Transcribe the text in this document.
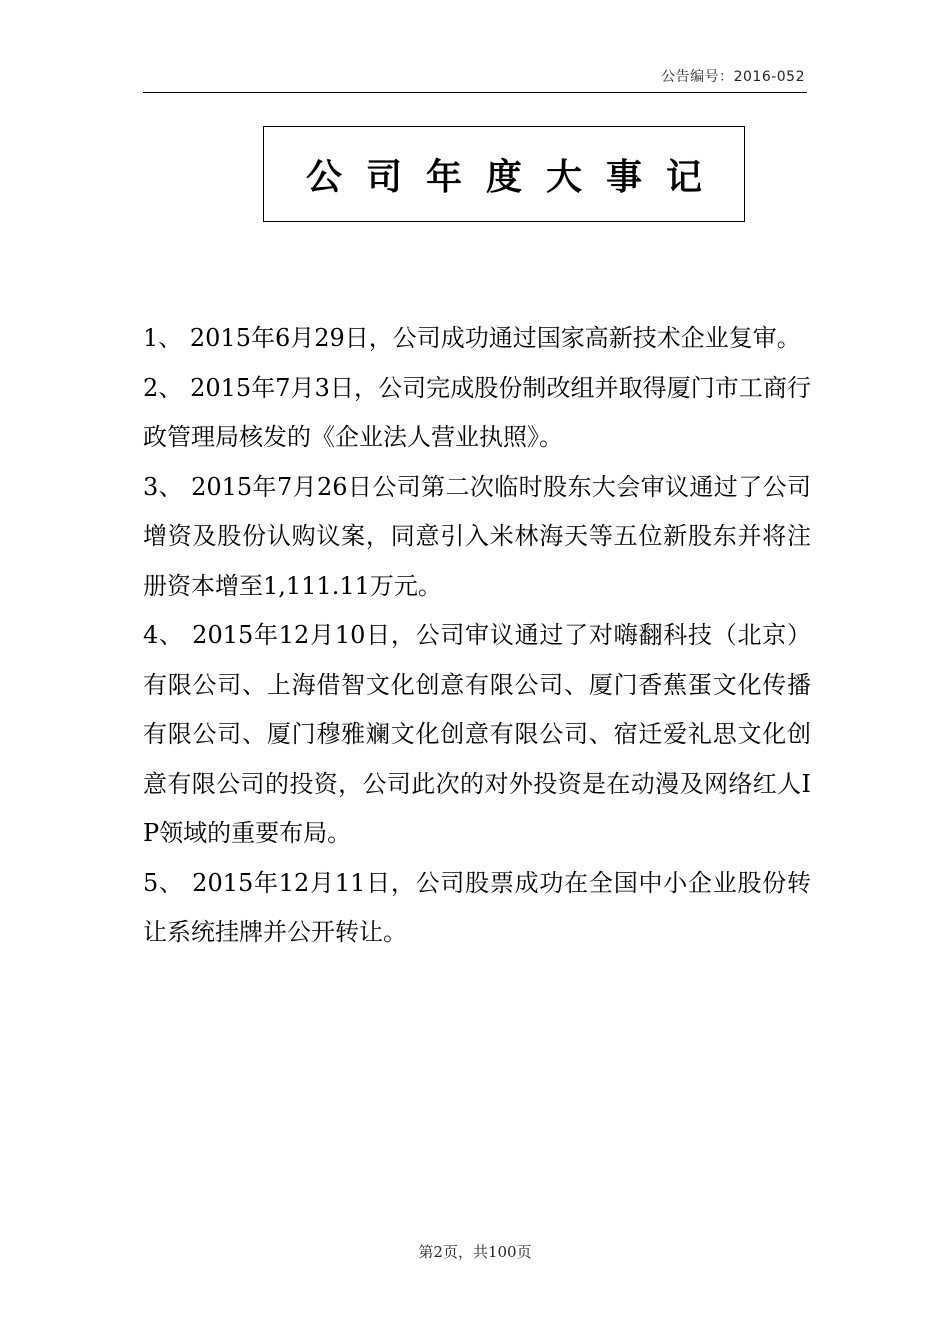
公告编号：2016-052
公司年度大事记

1、 2015年6月29日，公司成功通过国家高新技术企业复审。

2、 2015年7月3日，公司完成股份制改组并取得厦门市工商行政管理局核发的《企业法人营业执照》。

3、 2015年7月26日公司第二次临时股东大会审议通过了公司增资及股份认购议案，同意引入米林海天等五位新股东并将注册资本增至1,111.11万元。

4、 2015年12月10日，公司审议通过了对嗨翻科技（北京）有限公司、上海借智文化创意有限公司、厦门香蕉蛋文化传播有限公司、厦门穆雅斓文化创意有限公司、宿迁爱礼思文化创意有限公司的投资，公司此次的对外投资是在动漫及网络红人IP领域的重要布局。

5、 2015年12月11日，公司股票成功在全国中小企业股份转让系统挂牌并公开转让。

第2页，共100页
